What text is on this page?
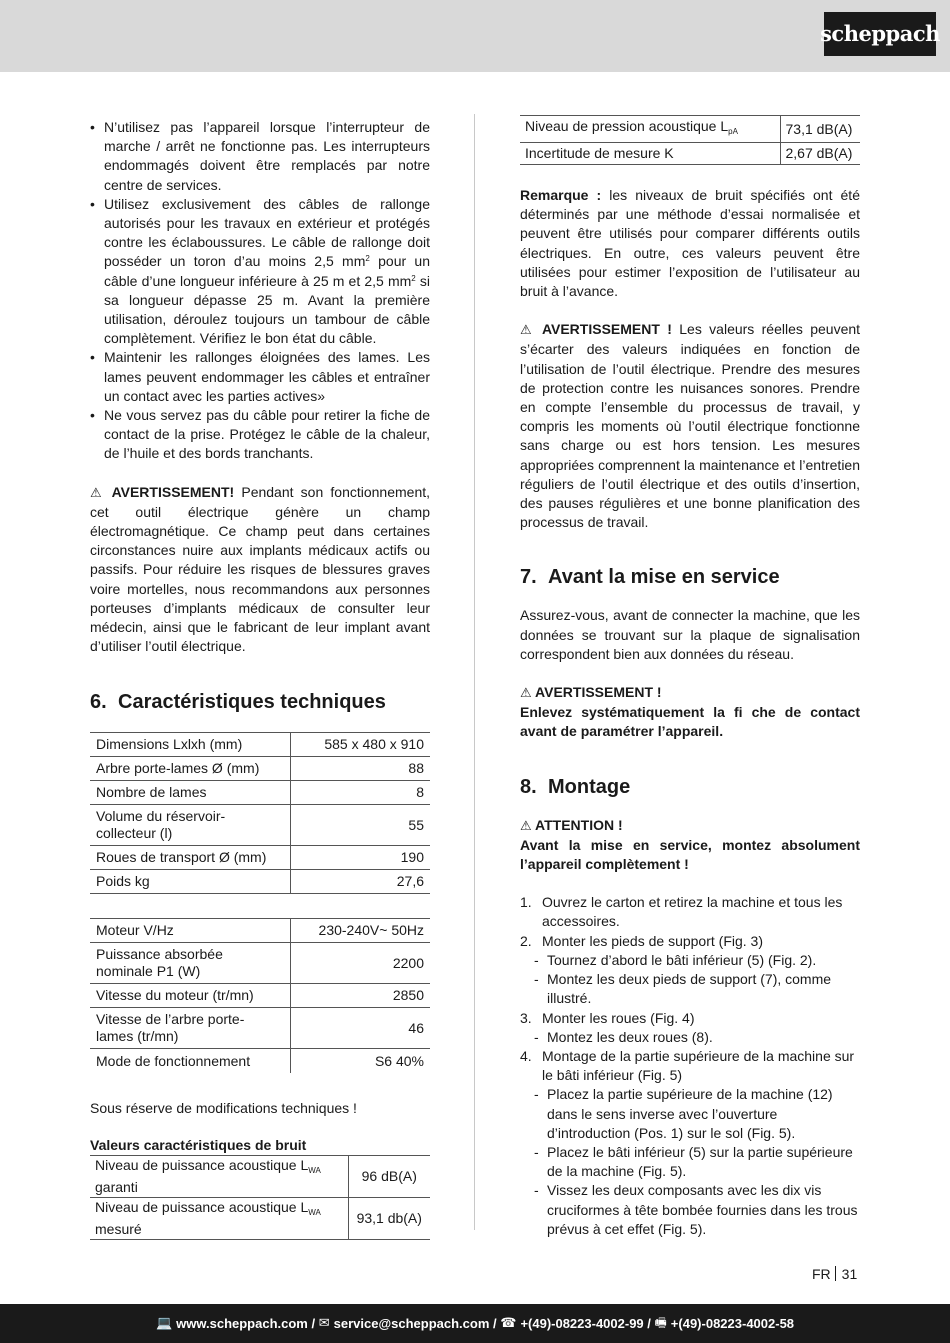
scheppach
• N’utilisez pas l’appareil lorsque l’interrupteur de marche / arrêt ne fonctionne pas. Les interrupteurs endommagés doivent être remplacés par notre centre de services.
• Utilisez exclusivement des câbles de rallonge autorisés pour les travaux en extérieur et protégés contre les éclaboussures. Le câble de rallonge doit posséder un toron d’au moins 2,5 $mm^2$ pour un câble d’une longueur inférieure à 25 m et 2,5 $mm^2$ si sa longueur dépasse 25 m. Avant la première utilisation, déroulez toujours un tambour de câble complètement. Vérifiez le bon état du câble.
• Maintenir les rallonges éloignées des lames. Les lames peuvent endommager les câbles et entraîner un contact avec les parties actives»
• Ne vous servez pas du câble pour retirer la fiche de contact de la prise. Protégez le câble de la chaleur, de l’huile et des bords tranchants.

⚠ AVERTISSEMENT! Pendant son fonctionnement, cet outil électrique génère un champ électromagnétique. Ce champ peut dans certaines circonstances nuire aux implants médicaux actifs ou passifs. Pour réduire les risques de blessures graves voire mortelles, nous recommandons aux personnes porteuses d’implants médicaux de consulter leur médecin, ainsi que le fabricant de leur implant avant d’utiliser l’outil électrique.

6. Caractéristiques techniques
Dimensions Lxlxh (mm)	585 x 480 x 910
Arbre porte-lames Ø (mm)	88
Nombre de lames	8
Volume du réservoir-collecteur (l)	55
Roues de transport Ø (mm)	190
Poids kg	27,6
Moteur V/Hz	230-240V~ 50Hz
Puissance absorbée nominale P1 (W)	2200
Vitesse du moteur (tr/mn)	2850
Vitesse de l’arbre porte-lames (tr/mn)	46
Mode de fonctionnement	S6 40%

Sous réserve de modifications techniques !

Valeurs caractéristiques de bruit

Niveau de puissance acoustique $L_{WA}$
garanti	96 dB(A)
Niveau de puissance acoustique $L_{WA}$
mesuré	93,1 db(A)
Niveau de pression acoustique $L_{pA}$	73,1 dB(A)
Incertitude de mesure K	2,67 dB(A)

Remarque : les niveaux de bruit spécifiés ont été déterminés par une méthode d’essai normalisée et peuvent être utilisés pour comparer différents outils électriques. En outre, ces valeurs peuvent être utilisées pour estimer l’exposition de l’utilisateur au bruit à l’avance.

⚠ AVERTISSEMENT ! Les valeurs réelles peuvent s’écarter des valeurs indiquées en fonction de l’utilisation de l’outil électrique. Prendre des mesures de protection contre les nuisances sonores. Prendre en compte l’ensemble du processus de travail, y compris les moments où l’outil électrique fonctionne sans charge ou est hors tension. Les mesures appropriées comprennent la maintenance et l’entretien réguliers de l’outil électrique et des outils d’insertion, des pauses régulières et une bonne planification des processus de travail.

7. Avant la mise en service

Assurez-vous, avant de connecter la machine, que les données se trouvant sur la plaque de signalisation correspondent bien aux données du réseau.

⚠ AVERTISSEMENT !

Enlevez systématiquement la fi che de contact avant de paramétrer l’appareil.

8. Montage

⚠ ATTENTION !

Avant la mise en service, montez absolument l’appareil complètement !

1. Ouvrez le carton et retirez la machine et tous les accessoires.
2. Monter les pieds de support (Fig. 3)
- Tournez d’abord le bâti inférieur (5) (Fig. 2).
- Montez les deux pieds de support (7), comme illustré.
3. Monter les roues (Fig. 4)
- Montez les deux roues (8).
4. Montage de la partie supérieure de la machine sur le bâti inférieur (Fig. 5)
- Placez la partie supérieure de la machine (12) dans le sens inverse avec l’ouverture d’introduction (Pos. 1) sur le sol (Fig. 5).
- Placez le bâti inférieur (5) sur la partie supérieure de la machine (Fig. 5).
- Vissez les deux composants avec les dix vis cruciformes à tête bombée fournies dans les trous prévus à cet effet (Fig. 5).
FR 31
💻 www.scheppach.com /
✉ service@scheppach.com /
☎ +(49)-08223-4002-99 /
🖷 +(49)-08223-4002-58
